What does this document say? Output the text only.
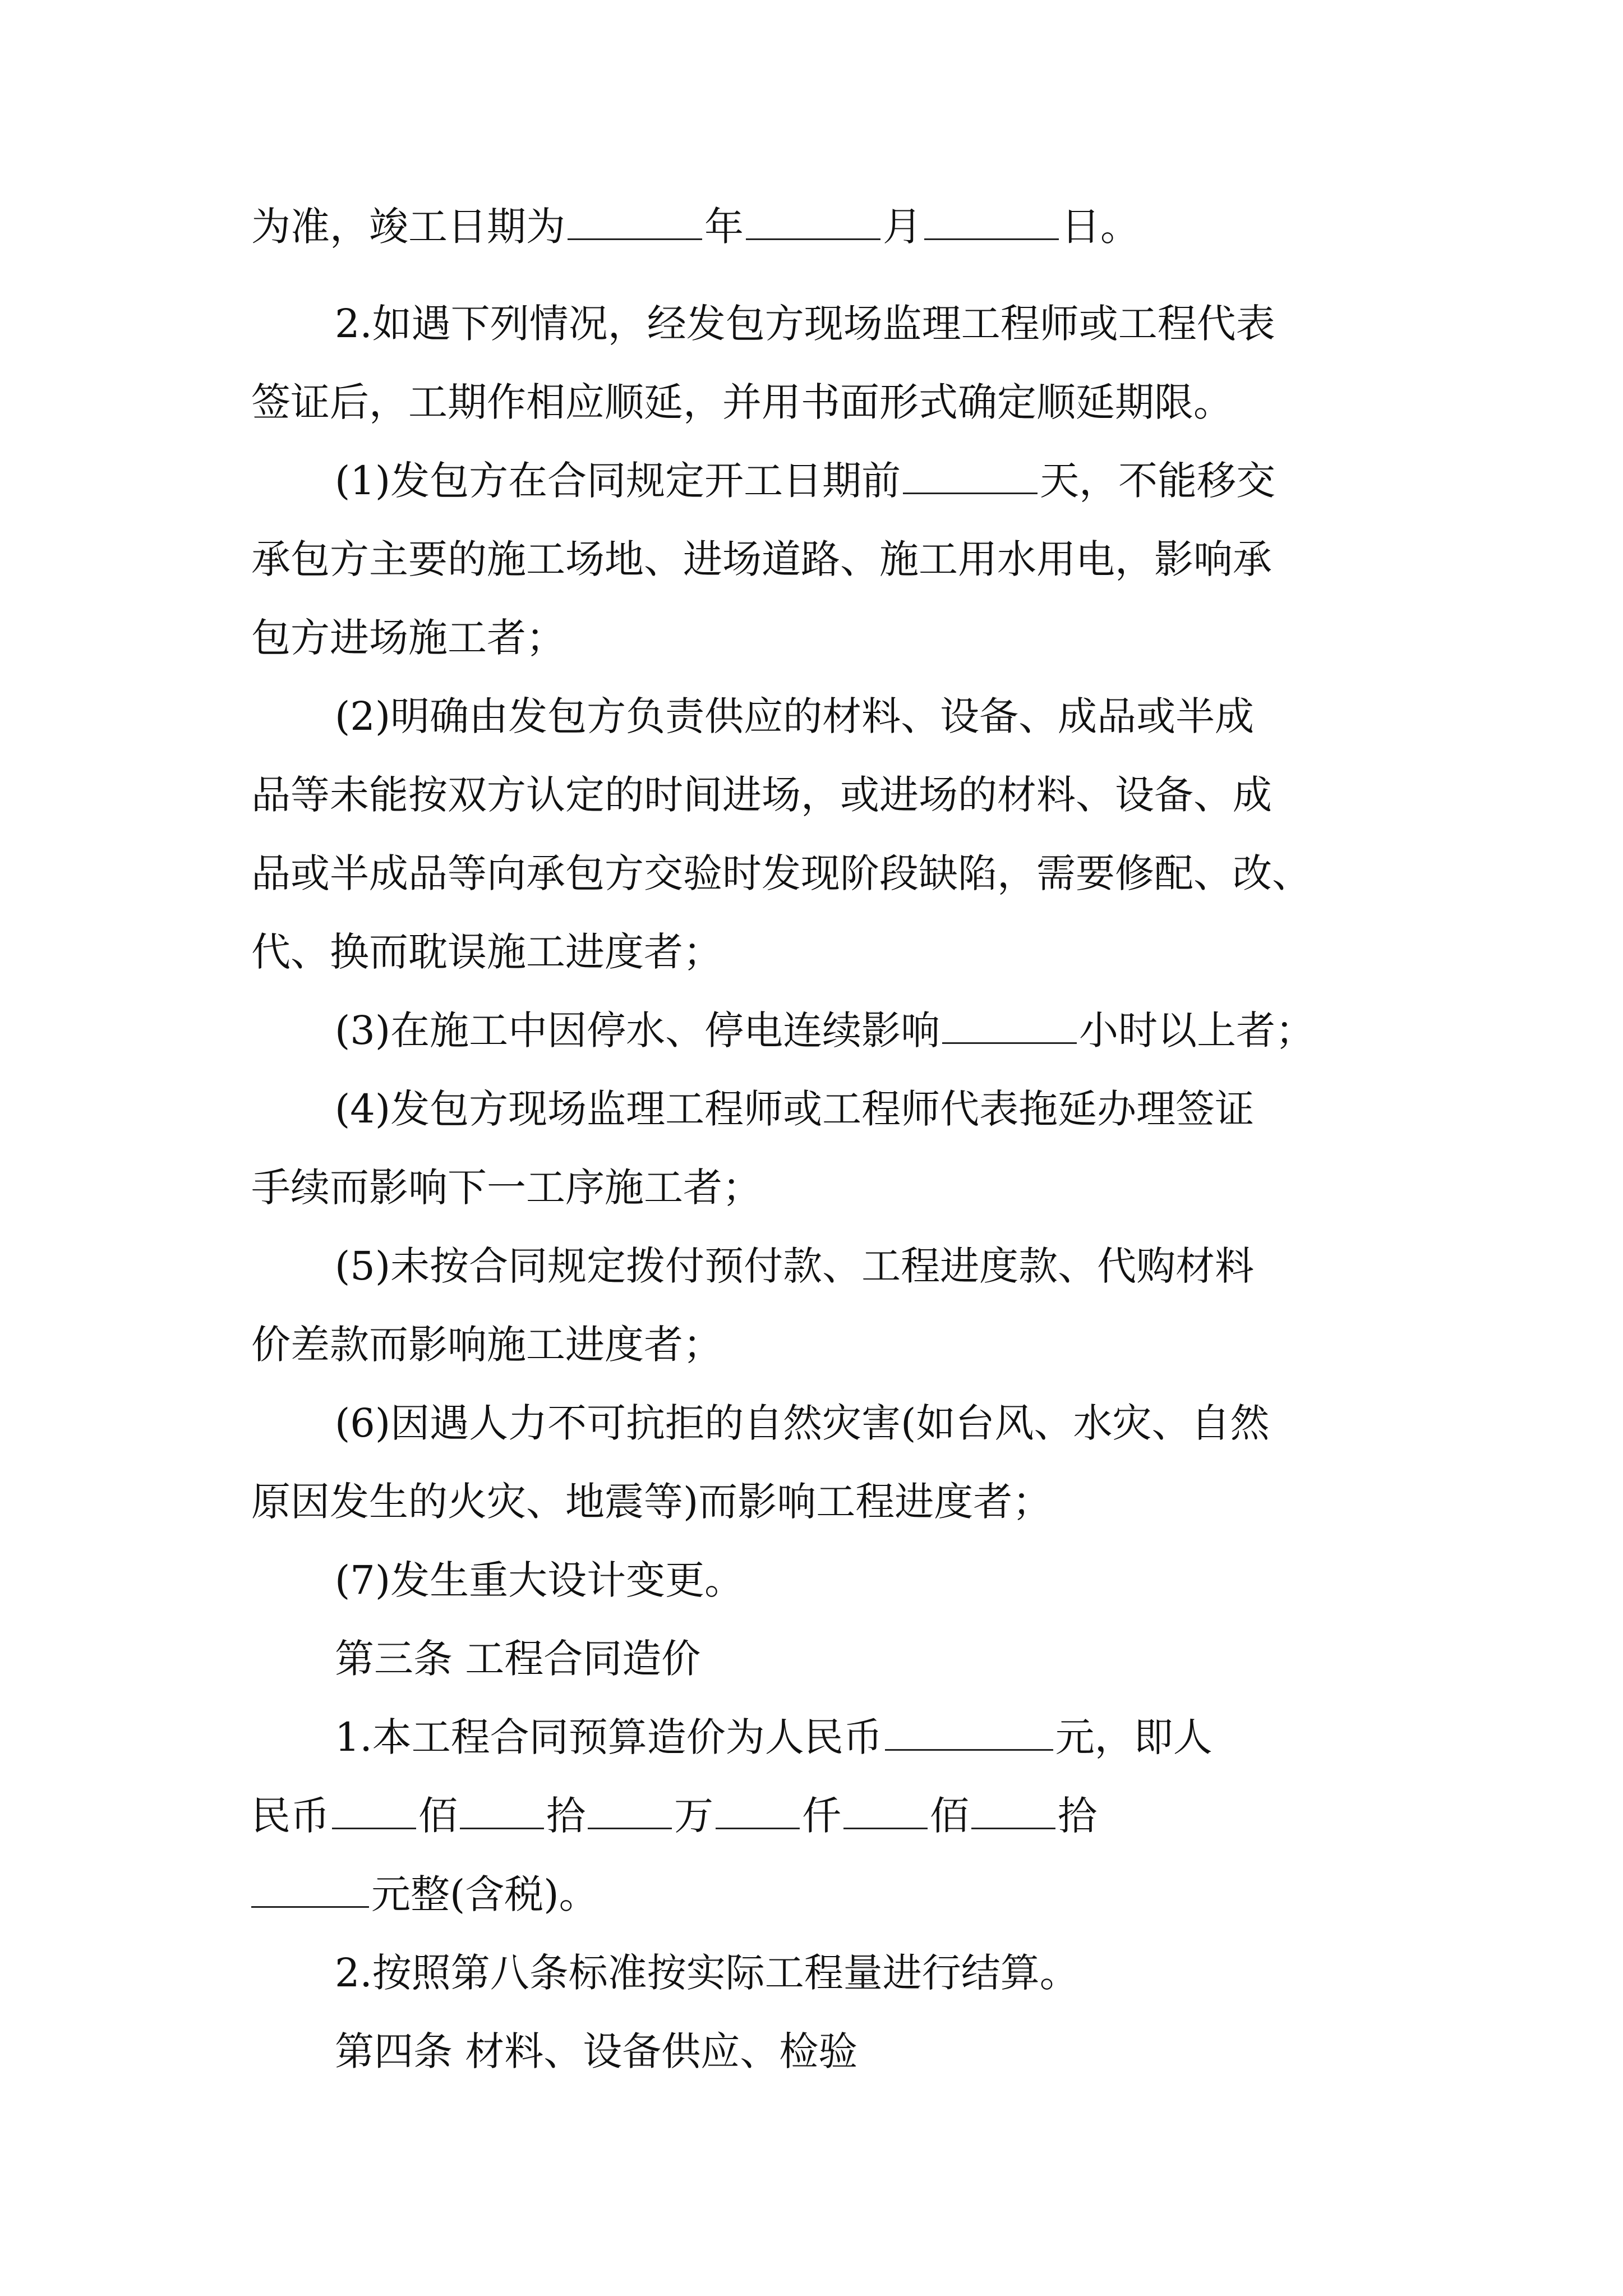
为准，竣工日期为	年	月	日。
2.如遇下列情况，经发包方现场监理工程师或工程代表
签证后，工期作相应顺延，并用书面形式确定顺延期限。
(1)发包方在合同规定开工日期前	天，不能移交
承包方主要的施工场地、进场道路、施工用水用电，影响承
包方进场施工者；
(2)明确由发包方负责供应的材料、设备、成品或半成
品等未能按双方认定的时间进场，或进场的材料、设备、成
品或半成品等向承包方交验时发现阶段缺陷，需要修配、改、
代、换而耽误施工进度者；
(3)在施工中因停水、停电连续影响	小时以上者；
(4)发包方现场监理工程师或工程师代表拖延办理签证
手续而影响下一工序施工者；
(5)未按合同规定拨付预付款、工程进度款、代购材料
价差款而影响施工进度者；
(6)因遇人力不可抗拒的自然灾害(如台风、水灾、自然
原因发生的火灾、地震等)而影响工程进度者；
(7)发生重大设计变更。
第三条 工程合同造价
1.本工程合同预算造价为人民币	元，即人
民币 佰 拾 万 仟 佰 拾
元整(含税)。
2.按照第八条标准按实际工程量进行结算。
第四条 材料、设备供应、检验
